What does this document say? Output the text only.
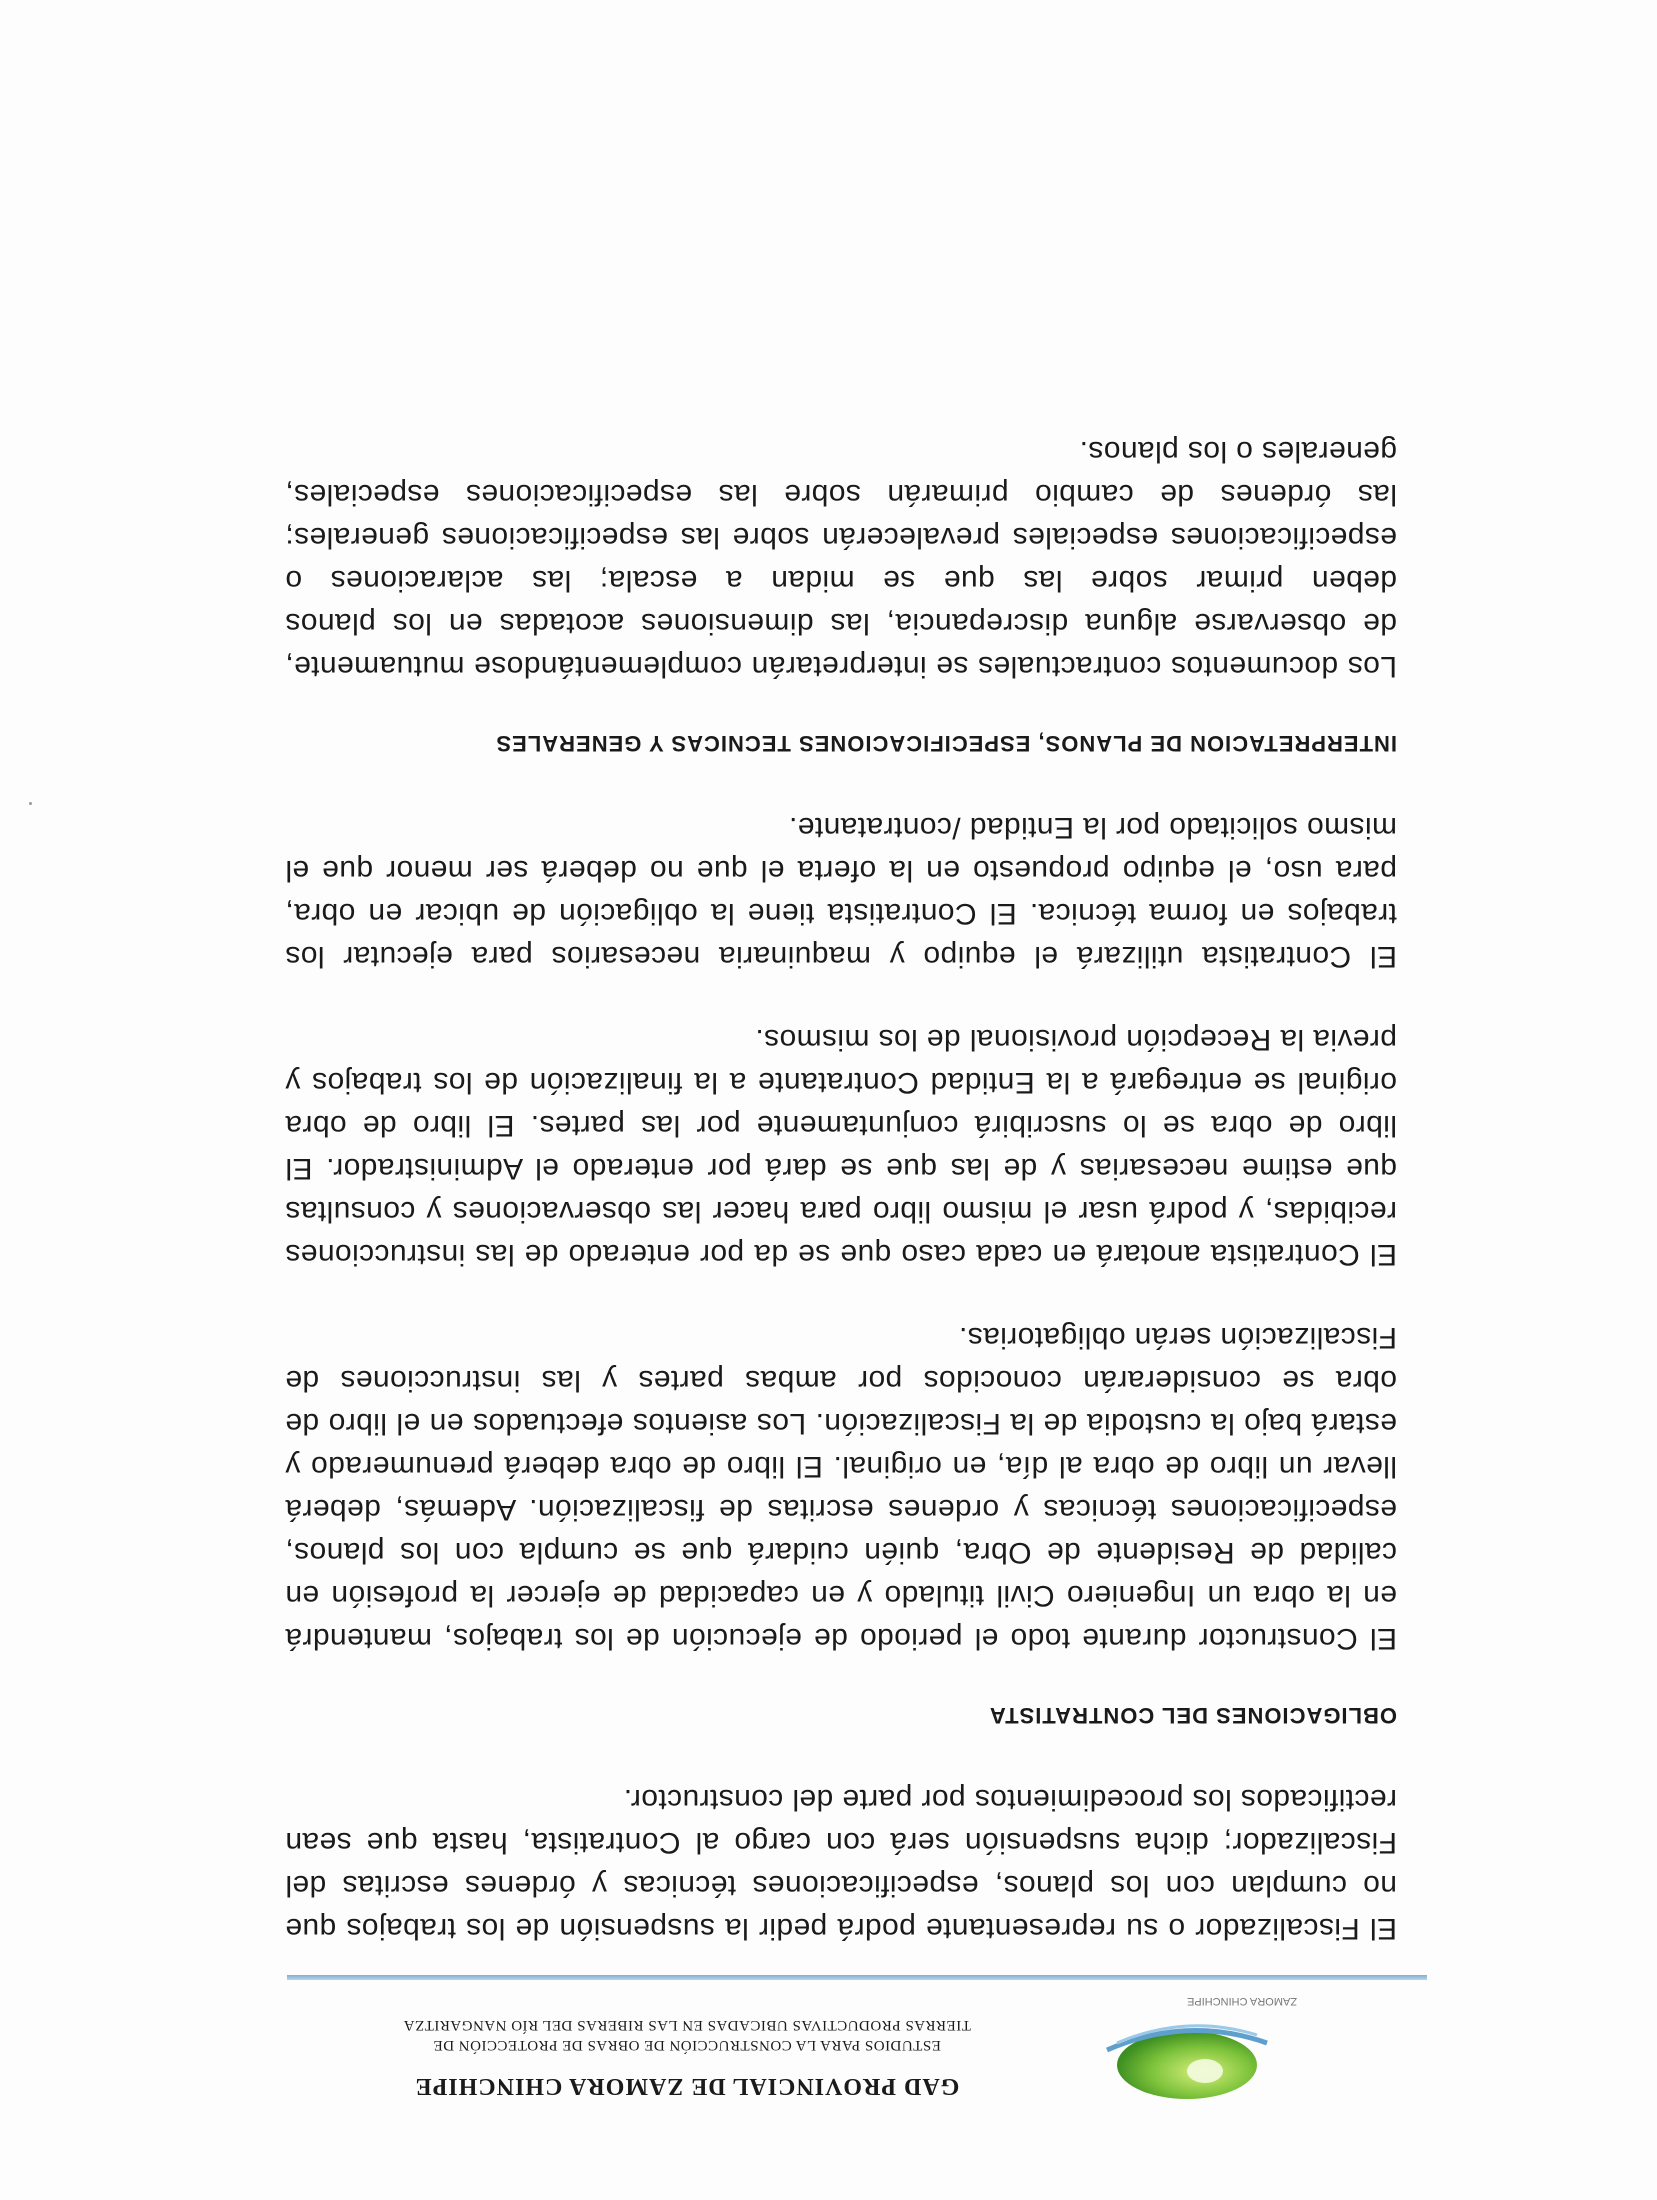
ZAMORA CHINCHIPE
GAD PROVINCIAL DE ZAMORA CHINCHIPE
ESTUDIOS PARA LA CONSTRUCCIÓN DE OBRAS DE PROTECCIÓN DE
TIERRAS PRODUCTIVAS UBICADAS EN LAS RIBERAS DEL RÍO NANGARITZA

El Fiscalizador o su representante podrá pedir la suspensión de los trabajos que no cumplan con los planos, especificaciones técnicas y órdenes escritas del Fiscalizador; dicha suspensión será con cargo al Contratista, hasta que sean rectificados los procedimientos por parte del constructor.

OBLIGACIONES DEL CONTRATISTA

El Constructor durante todo el periodo de ejecución de los trabajos, mantendrá en la obra un Ingeniero Civil titulado y en capacidad de ejercer la profesión en calidad de Residente de Obra, quién cuidará que se cumpla con los planos, especificaciones técnicas y ordenes escritas de fiscalización. Además, deberá llevar un libro de obra al día, en original. El libro de obra deberá prenumerado y estará bajo la custodia de la Fiscalización. Los asientos efectuados en el libro de obra se considerarán conocidos por ambas partes y las instrucciones de Fiscalización serán obligatorias.

El Contratista anotará en cada caso que se da por enterado de las instrucciones recibidas, y podrá usar el mismo libro para hacer las observaciones y consultas que estime necesarias y de las que se dará por enterado el Administrador. El libro de obra se lo suscribirá conjuntamente por las partes. El libro de obra original se entregará a la Entidad Contratante a la finalización de los trabajos y previa la Recepción provisional de los mismos.

El Contratista utilizará el equipo y maquinaria necesarios para ejecutar los trabajos en forma técnica. El Contratista tiene la obligación de ubicar en obra, para uso, el equipo propuesto en la oferta el que no deberá ser menor que el mismo solicitado por la Entidad /contratante.

INTERPRETACION DE PLANOS, ESPECIFICACIONES TECNICAS Y GENERALES

Los documentos contractuales se interpretarán complementándose mutuamente, de observarse alguna discrepancia, las dimensiones acotadas en los planos deben primar sobre las que se midan a escala; las aclaraciones o especificaciones especiales prevalecerán sobre las especificaciones generales; las órdenes de cambio primarán sobre las especificaciones especiales, generales o los planos.
